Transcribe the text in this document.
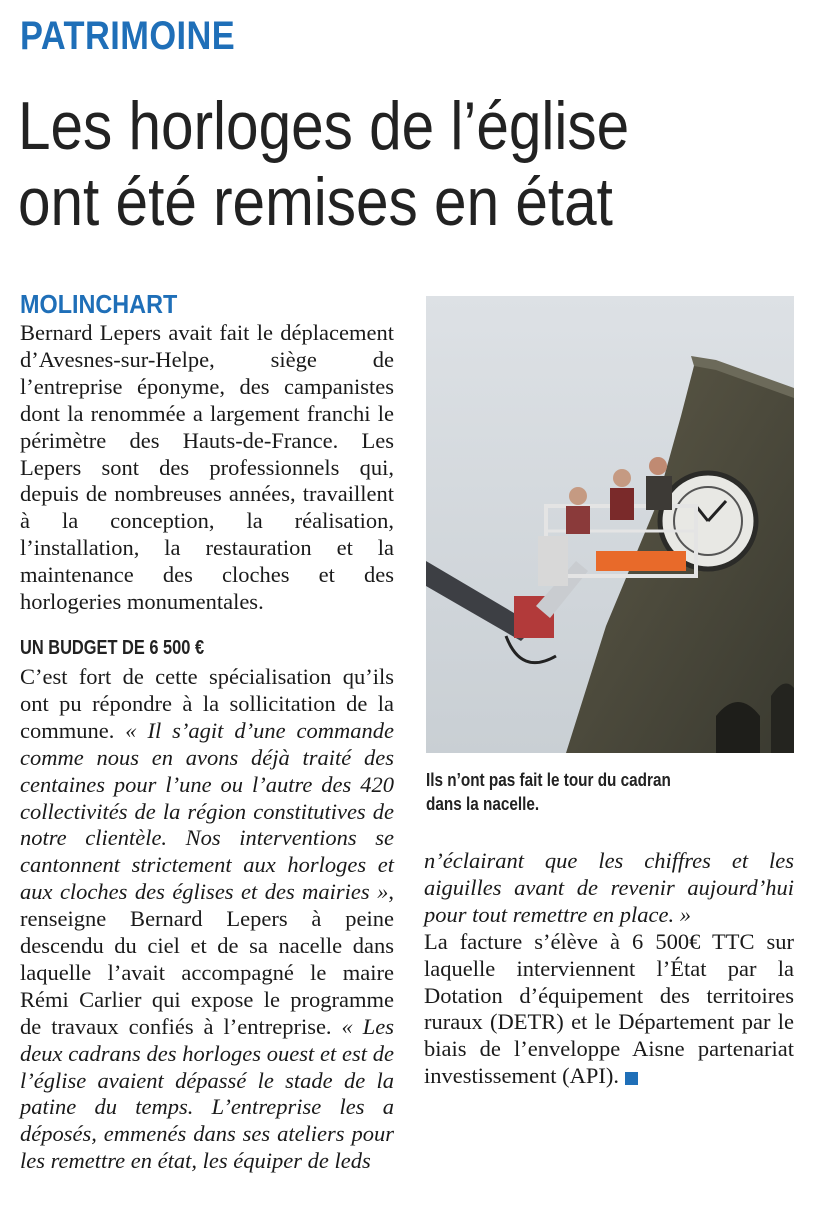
PATRIMOINE
Les horloges de l’église
ont été remises en état
MOLINCHART

Bernard Lepers avait fait le déplacement d’Avesnes-sur-Helpe, siège de l’entreprise éponyme, des campanistes dont la renommée a largement franchi le périmètre des Hauts-de-France. Les Lepers sont des professionnels qui, depuis de nombreuses années, travaillent à la conception, la réalisation, l’installation, la restauration et la maintenance des cloches et des horlogeries monumentales.

UN BUDGET DE 6 500 €

C’est fort de cette spécialisation qu’ils ont pu répondre à la sollicitation de la commune. « Il s’agit d’une commande comme nous en avons déjà traité des centaines pour l’une ou l’autre des 420 collectivités de la région constitutives de notre clientèle. Nos interventions se cantonnent strictement aux horloges et aux cloches des églises et des mairies », renseigne Bernard Lepers à peine descendu du ciel et de sa nacelle dans laquelle l’avait accompagné le maire Rémi Carlier qui expose le programme de travaux confiés à l’entreprise. « Les deux cadrans des horloges ouest et est de l’église avaient dépassé le stade de la patine du temps. L’entreprise les a déposés, emmenés dans ses ateliers pour les remettre en état, les équiper de leds

Ils n’ont pas fait le tour du cadran
dans la nacelle.

n’éclairant que les chiffres et les aiguilles avant de revenir aujourd’hui pour tout remettre en place. »

La facture s’élève à 6 500€ TTC sur laquelle interviennent l’État par la Dotation d’équipement des territoires ruraux (DETR) et le Département par le biais de l’enveloppe Aisne partenariat investissement (API).
